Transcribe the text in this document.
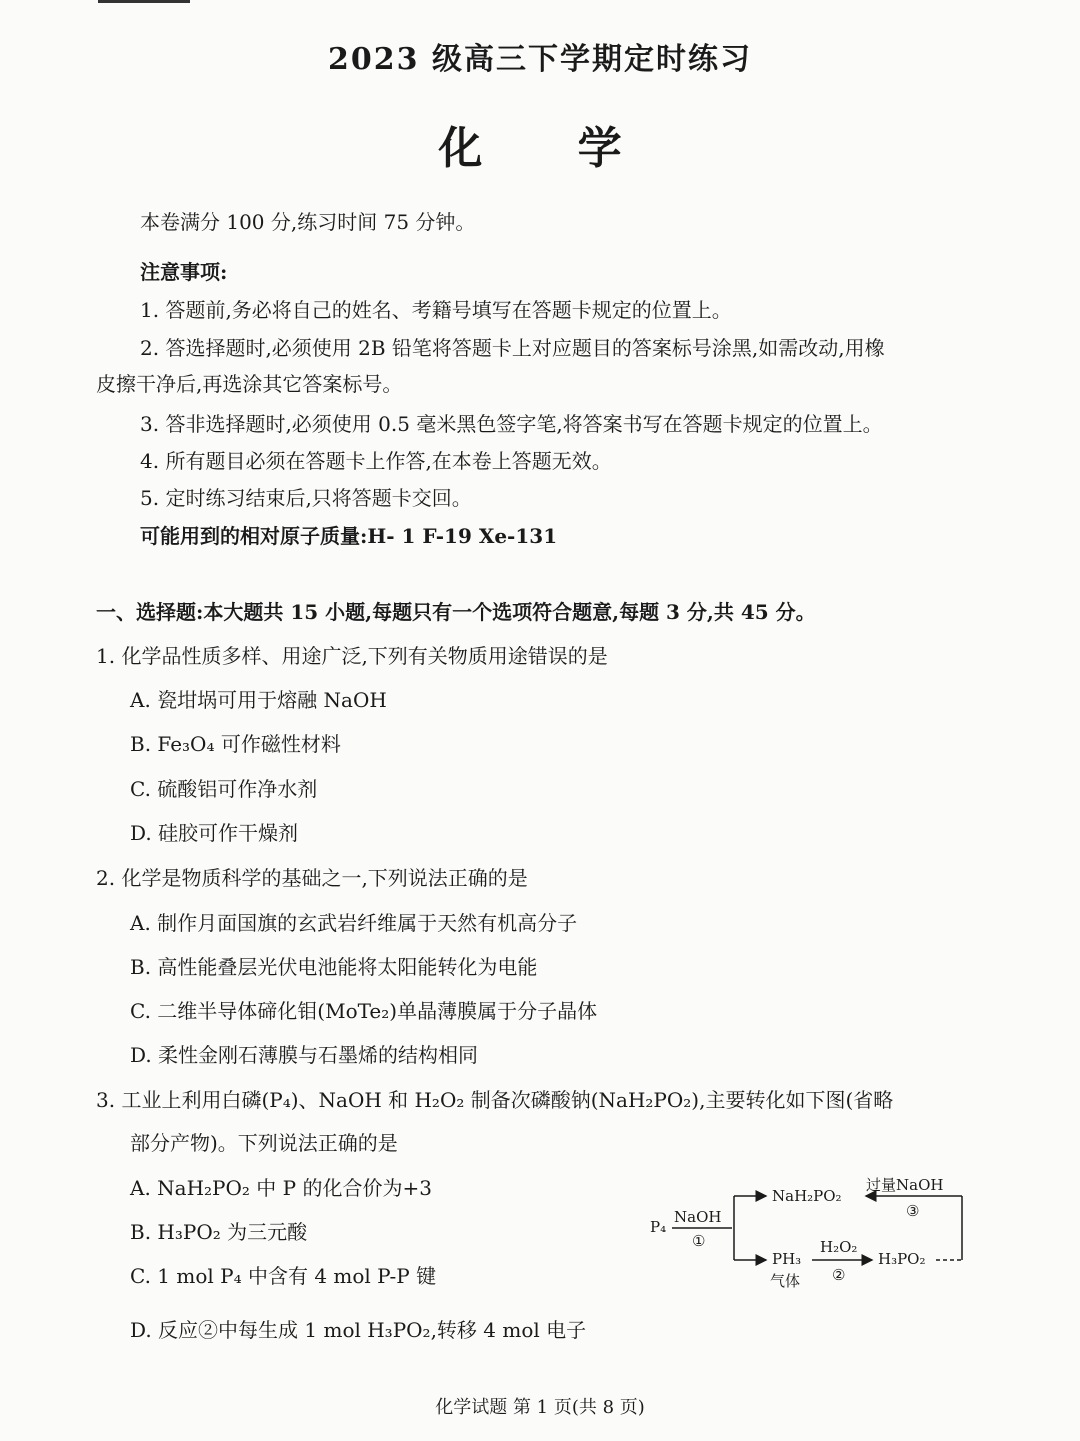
2023 级高三下学期定时练习
化 学
本卷满分 100 分,练习时间 75 分钟。
注意事项:
1. 答题前,务必将自己的姓名、考籍号填写在答题卡规定的位置上。
2. 答选择题时,必须使用 2B 铅笔将答题卡上对应题目的答案标号涂黑,如需改动,用橡
皮擦干净后,再选涂其它答案标号。
3. 答非选择题时,必须使用 0.5 毫米黑色签字笔,将答案书写在答题卡规定的位置上。
4. 所有题目必须在答题卡上作答,在本卷上答题无效。
5. 定时练习结束后,只将答题卡交回。
可能用到的相对原子质量:H- 1 F-19 Xe-131
一、选择题:本大题共 15 小题,每题只有一个选项符合题意,每题 3 分,共 45 分。
1. 化学品性质多样、用途广泛,下列有关物质用途错误的是
A. 瓷坩埚可用于熔融 NaOH
B. Fe₃O₄ 可作磁性材料
C. 硫酸铝可作净水剂
D. 硅胶可作干燥剂
2. 化学是物质科学的基础之一,下列说法正确的是
A. 制作月面国旗的玄武岩纤维属于天然有机高分子
B. 高性能叠层光伏电池能将太阳能转化为电能
C. 二维半导体碲化钼(MoTe₂)单晶薄膜属于分子晶体
D. 柔性金刚石薄膜与石墨烯的结构相同
3. 工业上利用白磷(P₄)、NaOH 和 H₂O₂ 制备次磷酸钠(NaH₂PO₂),主要转化如下图(省略
部分产物)。下列说法正确的是
A. NaH₂PO₂ 中 P 的化合价为+3
B. H₃PO₂ 为三元酸
C. 1 mol P₄ 中含有 4 mol P-P 键
D. 反应②中每生成 1 mol H₃PO₂,转移 4 mol 电子
P₄
NaOH
①
NaH₂PO₂
过量NaOH
③
PH₃
气体
H₂O₂
②
H₃PO₂
化学试题 第 1 页(共 8 页)
